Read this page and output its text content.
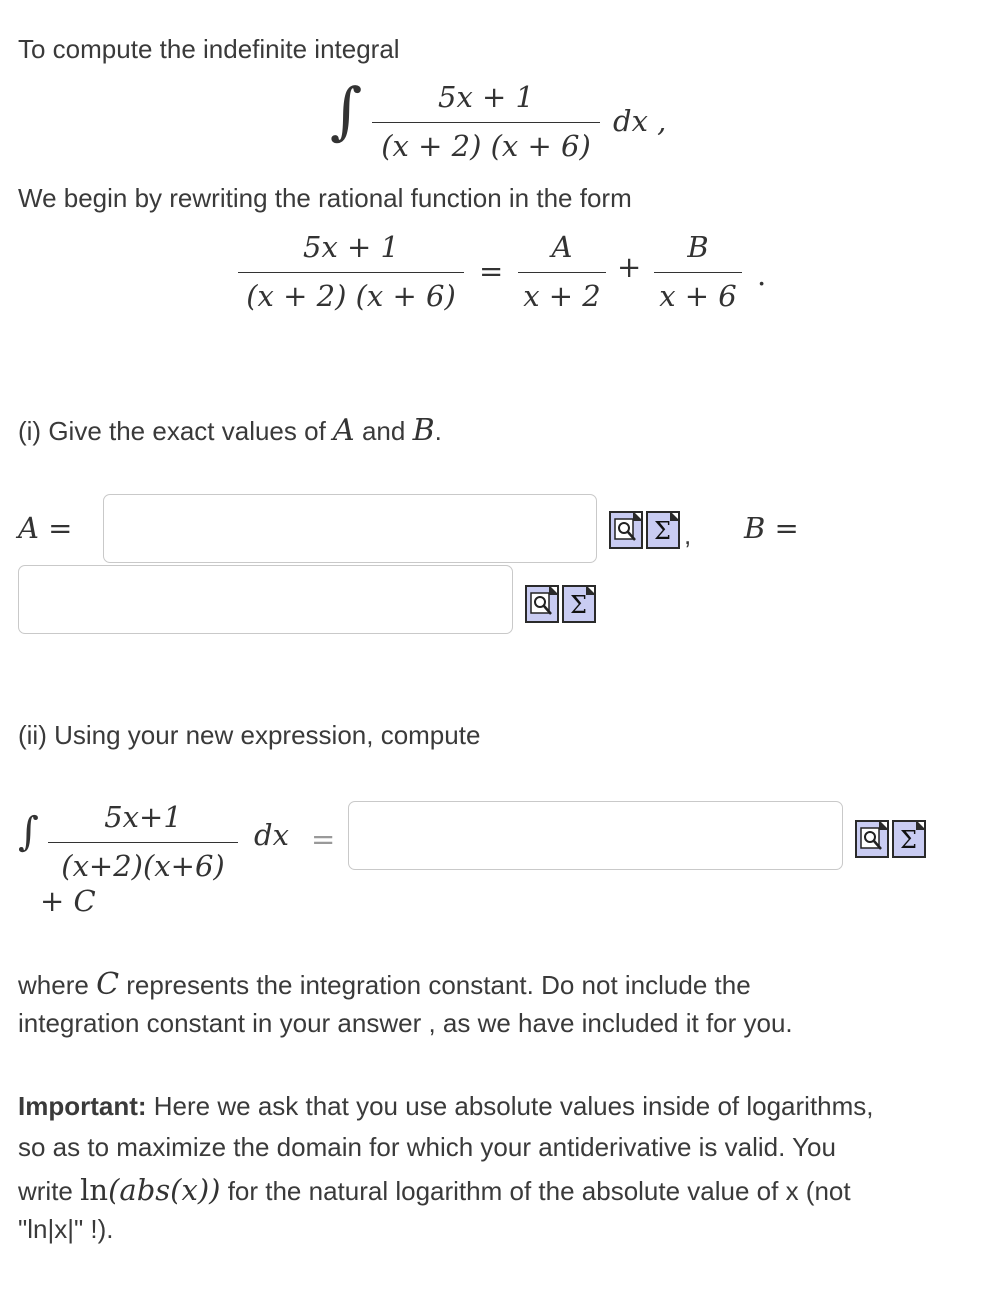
To compute the indefinite integral
∫	5x + 1
(x + 2) (x + 6)
dx ,
We begin by rewriting the rational function in the form
5x + 1
(x + 2) (x + 6)
=
A
x + 2
+
B
x + 6
.
(i) Give the exact values of A and B.
A =	Σ , B =
Σ
(ii) Using your new expression, compute
∫	5x+1
(x+2)(x+6)
dx =
+ C
Σ
where C represents the integration constant. Do not include the
integration constant in your answer , as we have included it for you.
Important: Here we ask that you use absolute values inside of logarithms,
so as to maximize the domain for which your antiderivative is valid. You
write ln(abs(x)) for the natural logarithm of the absolute value of x (not
"ln|x|" !).
